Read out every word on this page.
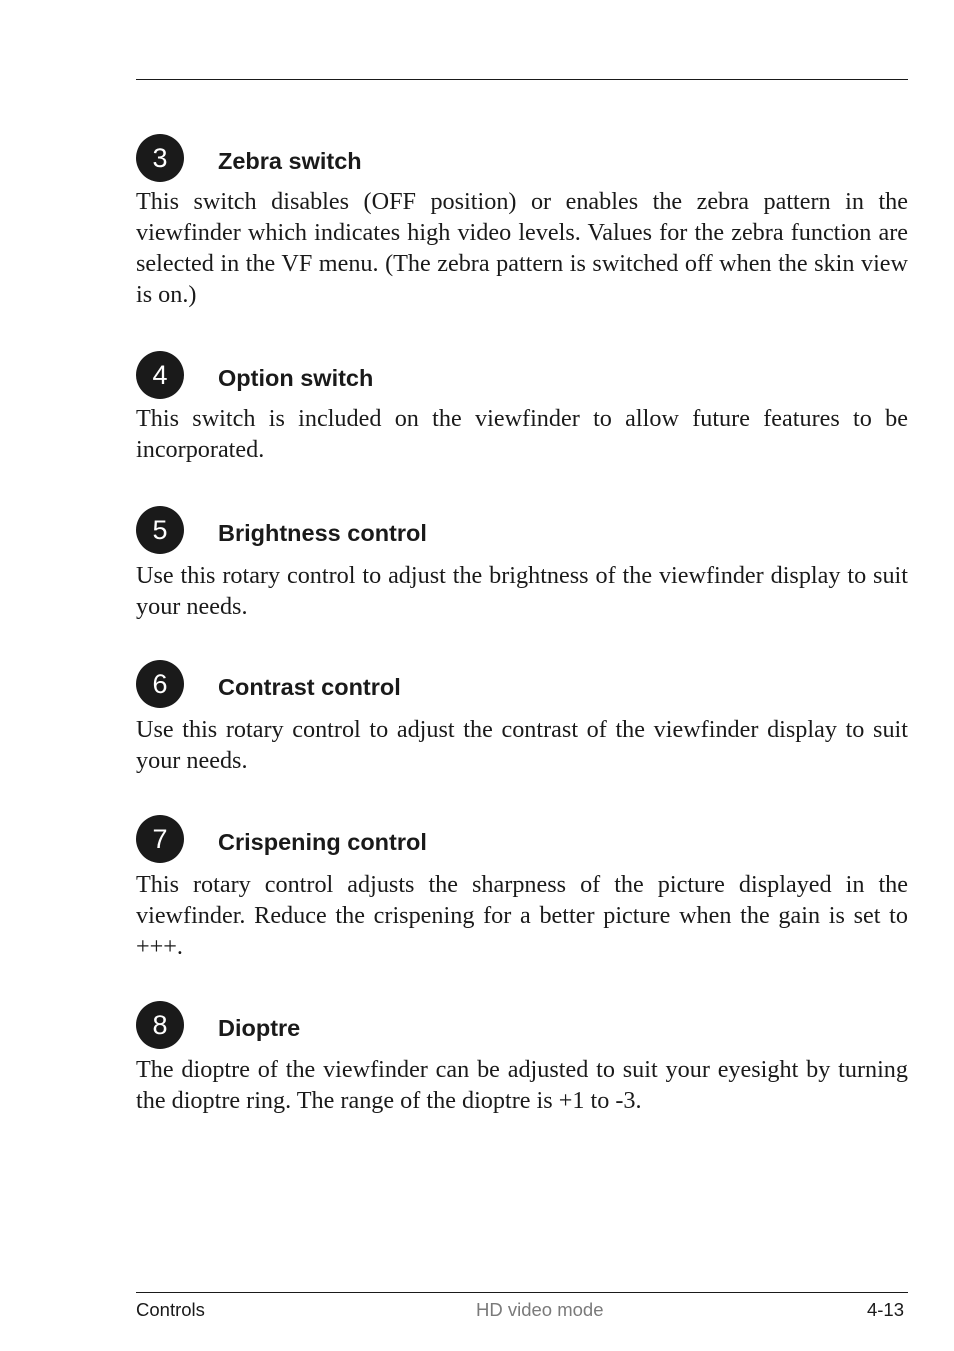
3	Zebra switch

This switch disables (OFF position) or enables the zebra pattern in the viewfinder which indicates high video levels. Values for the zebra function are selected in the VF menu. (The zebra pattern is switched off when the skin view is on.)

4	Option switch

This switch is included on the viewfinder to allow future features to be incorporated.

5	Brightness control

Use this rotary control to adjust the brightness of the viewfinder display to suit your needs.

6	Contrast control

Use this rotary control to adjust the contrast of the viewfinder display to suit your needs.

7	Crispening control

This rotary control adjusts the sharpness of the picture displayed in the viewfinder. Reduce the crispening for a better picture when the gain is set to +++.

8	Dioptre

The dioptre of the viewfinder can be adjusted to suit your eyesight by turning the dioptre ring. The range of the dioptre is +1 to -3.

Controls	HD video mode	4-13
